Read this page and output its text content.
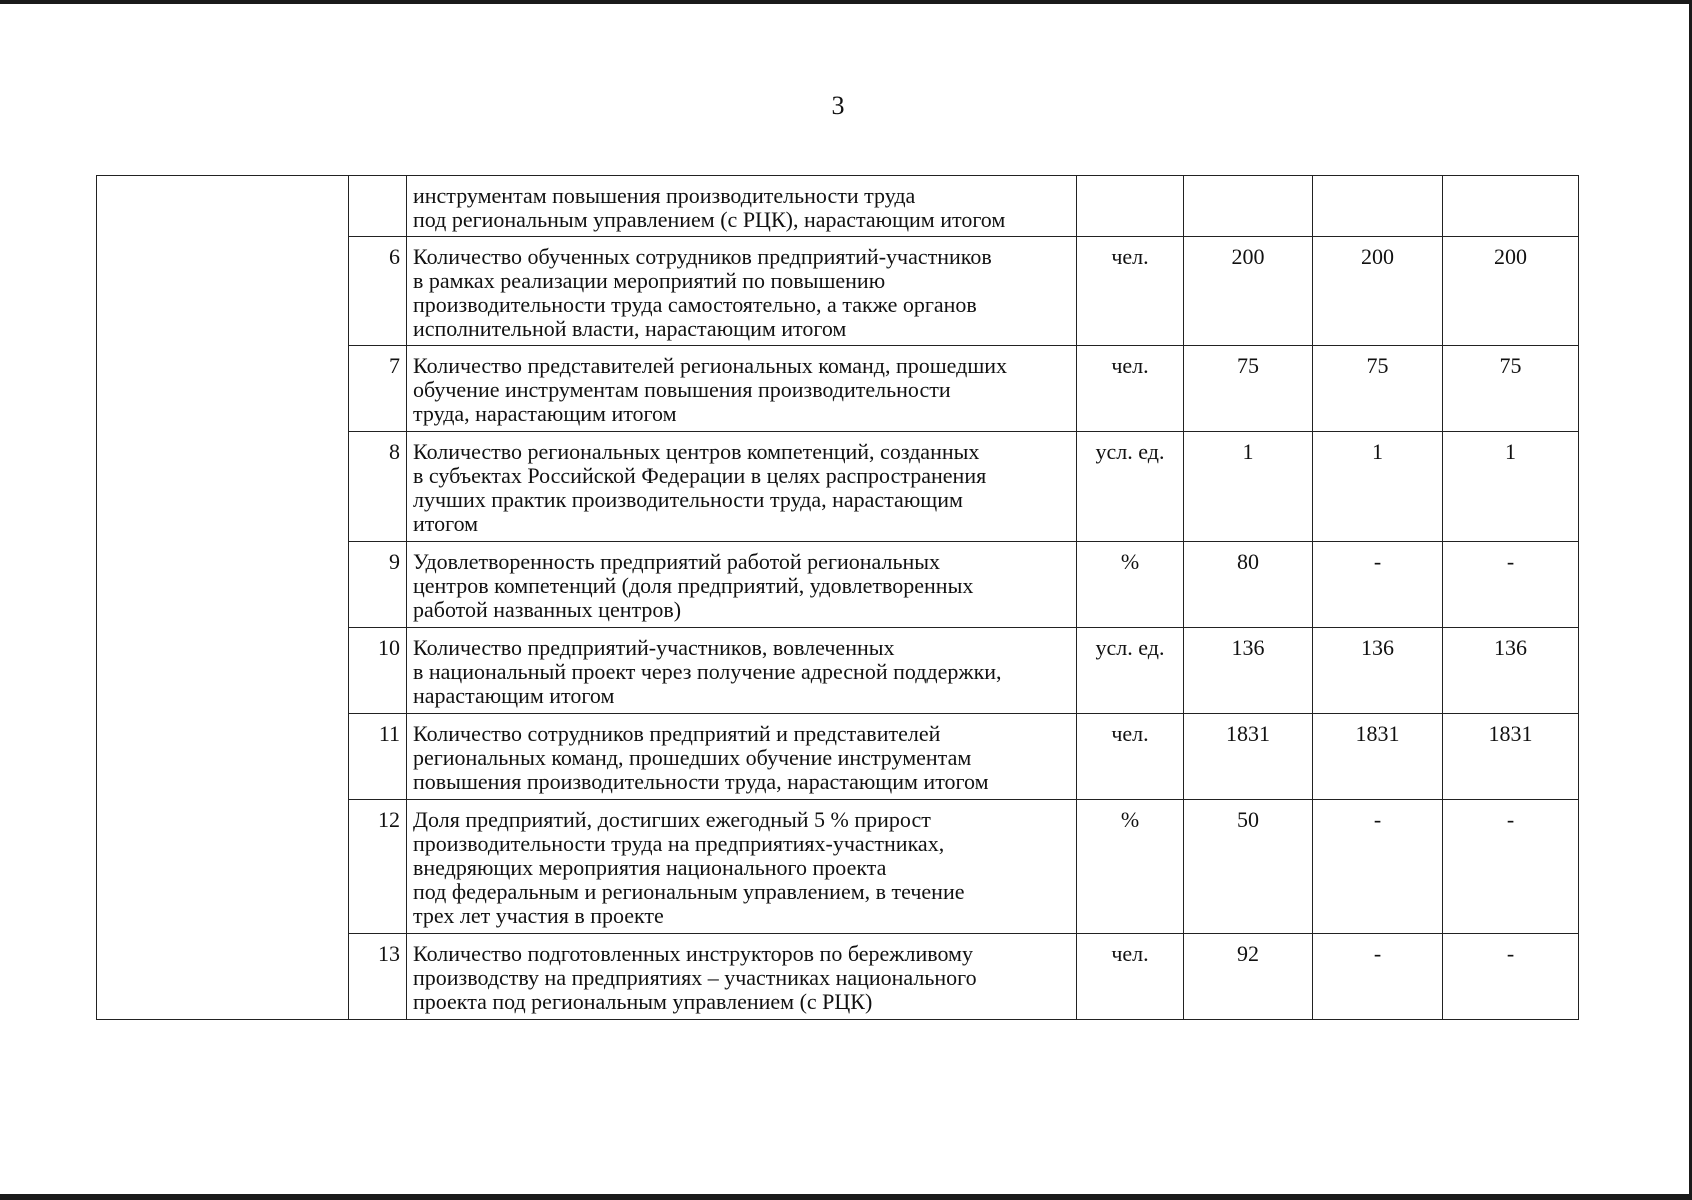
3

		инструментам повышения производительности труда
под региональным управлением (с РЦК), нарастающим итогом				

	6	Количество обученных сотрудников предприятий-участников
в рамках реализации мероприятий по повышению
производительности труда самостоятельно, а также органов
исполнительной власти, нарастающим итогом	чел.	200	200	200
	7	Количество представителей региональных команд, прошедших
обучение инструментам повышения производительности
труда, нарастающим итогом	чел.	75	75	75
	8	Количество региональных центров компетенций, созданных
в субъектах Российской Федерации в целях распространения
лучших практик производительности труда, нарастающим
итогом	усл. ед.	1	1	1
	9	Удовлетворенность предприятий работой региональных
центров компетенций (доля предприятий, удовлетворенных
работой названных центров)	%	80	-	-
	10	Количество предприятий-участников, вовлеченных
в национальный проект через получение адресной поддержки,
нарастающим итогом	усл. ед.	136	136	136
	11	Количество сотрудников предприятий и представителей
региональных команд, прошедших обучение инструментам
повышения производительности труда, нарастающим итогом	чел.	1831	1831	1831
	12	Доля предприятий, достигших ежегодный 5 % прирост
производительности труда на предприятиях-участниках,
внедряющих мероприятия национального проекта
под федеральным и региональным управлением, в течение
трех лет участия в проекте	%	50	-	-
	13	Количество подготовленных инструкторов по бережливому
производству на предприятиях – участниках национального
проекта под региональным управлением (с РЦК)	чел.	92	-	-
